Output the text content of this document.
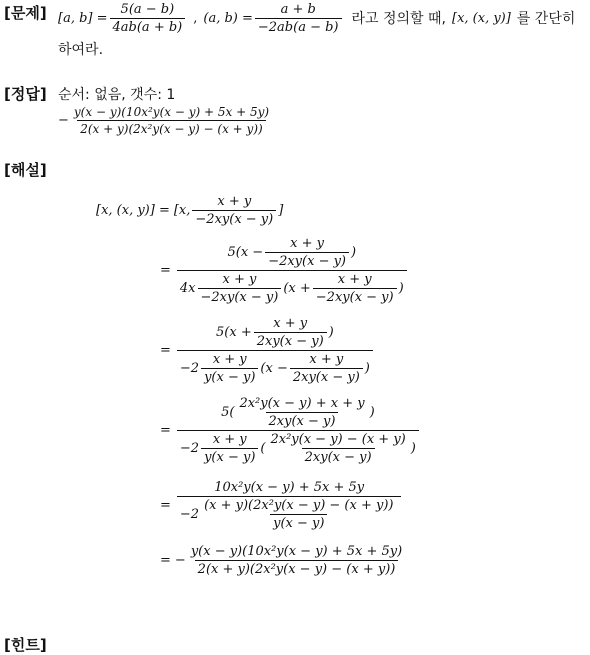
[문제] [a, $b] = \frac{5(a - b)}{4ab(a + b)}$ , (a, $b) = \frac{a + b}{-2ab(a - b)}$ 라고 정의할 때, [x, (x, y)] 를 간단히
하여라.
[정답] 순서: 없음, 갯수: 1
− $\frac{\text{y(x − y)(10x²y(x − y) + 5x + 5y)}}{\text{2(x + y)(2x²y(x − y) − (x + y))}}$
[해설]
[x, (x, y)] = [x, $\frac{x + y}{-2xy(x - y)}$ ]
=
$5(x - \frac{x + y}{-2xy(x - y)}$ )
$4x \frac{x + y}{-2xy(x - y)} (x + \frac{x + y}{-2xy(x - y)}$ )
=
$5(x + \frac{x + y}{2xy(x - y)}$ )
$-2 \frac{x + y}{y(x - y)} (x - \frac{x + y}{2xy(x - y)}$ )
=
$5( \frac{\text{2x²y(x − y) + x + y}}{2xy(x - y)}$ )
$-2 \frac{x + y}{y(x - y)}$ ( $\frac{\text{2x²y(x − y) − (x + y)}}{2xy(x - y)}$ )
=
10x²y(x − y) + 5x + 5y
$-2 \frac{\text{(x + y)(2x²y(x − y) − (x + y))}}{y(x - y)}$
= − $\frac{\text{y(x − y)(10x²y(x − y) + 5x + 5y)}}{\text{2(x + y)(2x²y(x − y) − (x + y))}}$
[힌트]
